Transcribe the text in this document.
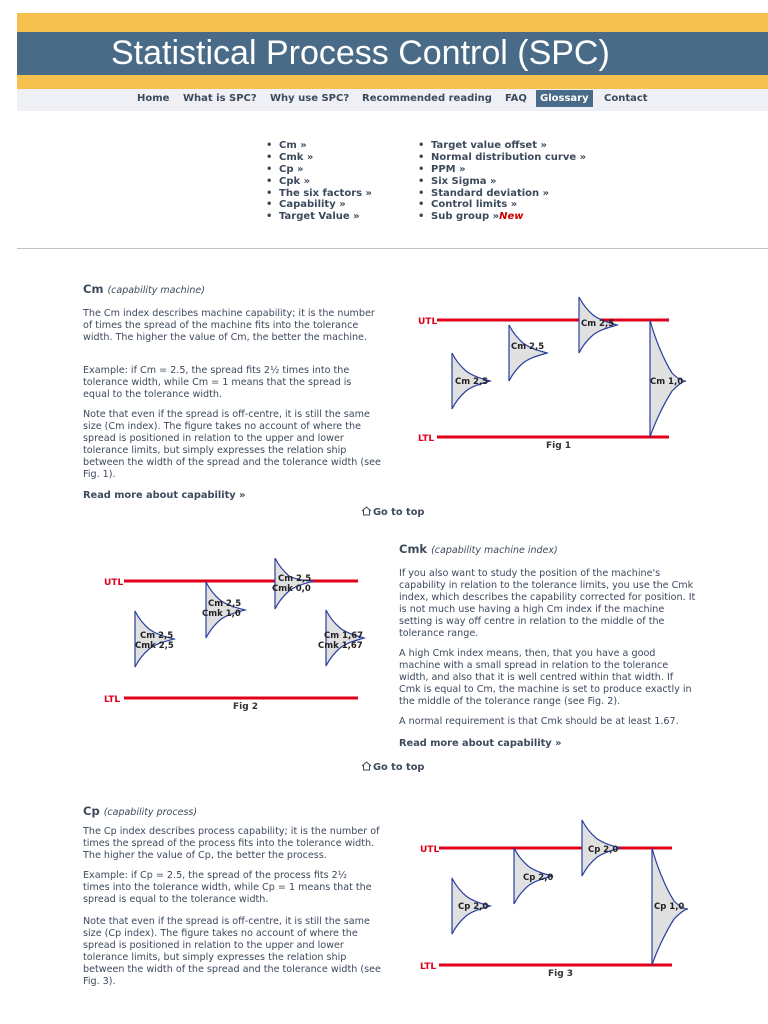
Statistical Process Control (SPC)
Home What is SPC? Why use SPC? Recommended reading FAQ	Glossary	Contact
• Cm »
• Cmk »
• Cp »
• Cpk »
• The six factors »
• Capability »
• Target Value »
• Target value offset »
• Normal distribution curve »
• PPM »
• Six Sigma »
• Standard deviation »
• Control limits »
• Sub group »New
Cm (capability machine)
The Cm index describes machine capability; it is the number of times the spread of the machine fits into the tolerance width. The higher the value of Cm, the better the machine.
Example: if Cm = 2.5, the spread fits 2½ times into the tolerance width, while Cm = 1 means that the spread is equal to the tolerance width.
Note that even if the spread is off-centre, it is still the same size (Cm index). The figure takes no account of where the spread is positioned in relation to the upper and lower tolerance limits, but simply expresses the relation ship between the width of the spread and the tolerance width (see Fig. 1).
Read more about capability »
UTL
LTL
Fig 1
Cm 2,5
Cm 2,5
Cm 2,5
Cm 1,0
Go to top
UTL
LTL
Fig 2
Cm 2,5
Cmk 2,5
Cm 2,5
Cmk 1,0
Cm 2,5
Cmk 0,0
Cm 1,67
Cmk 1,67
Cmk (capability machine index)
If you also want to study the position of the machine's capability in relation to the tolerance limits, you use the Cmk index, which describes the capability corrected for position. It is not much use having a high Cm index if the machine setting is way off centre in relation to the middle of the tolerance range.
A high Cmk index means, then, that you have a good machine with a small spread in relation to the tolerance width, and also that it is well centred within that width. If Cmk is equal to Cm, the machine is set to produce exactly in the middle of the tolerance range (see Fig. 2).
A normal requirement is that Cmk should be at least 1.67.
Read more about capability »
Go to top
Cp (capability process)
The Cp index describes process capability; it is the number of times the spread of the process fits into the tolerance width. The higher the value of Cp, the better the process.
Example: if Cp = 2.5, the spread of the process fits 2½ times into the tolerance width, while Cp = 1 means that the spread is equal to the tolerance width.
Note that even if the spread is off-centre, it is still the same size (Cp index). The figure takes no account of where the spread is positioned in relation to the upper and lower tolerance limits, but simply expresses the relation ship between the width of the spread and the tolerance width (see Fig. 3).
UTL
LTL
Fig 3
Cp 2,0
Cp 2,0
Cp 2,0
Cp 1,0
